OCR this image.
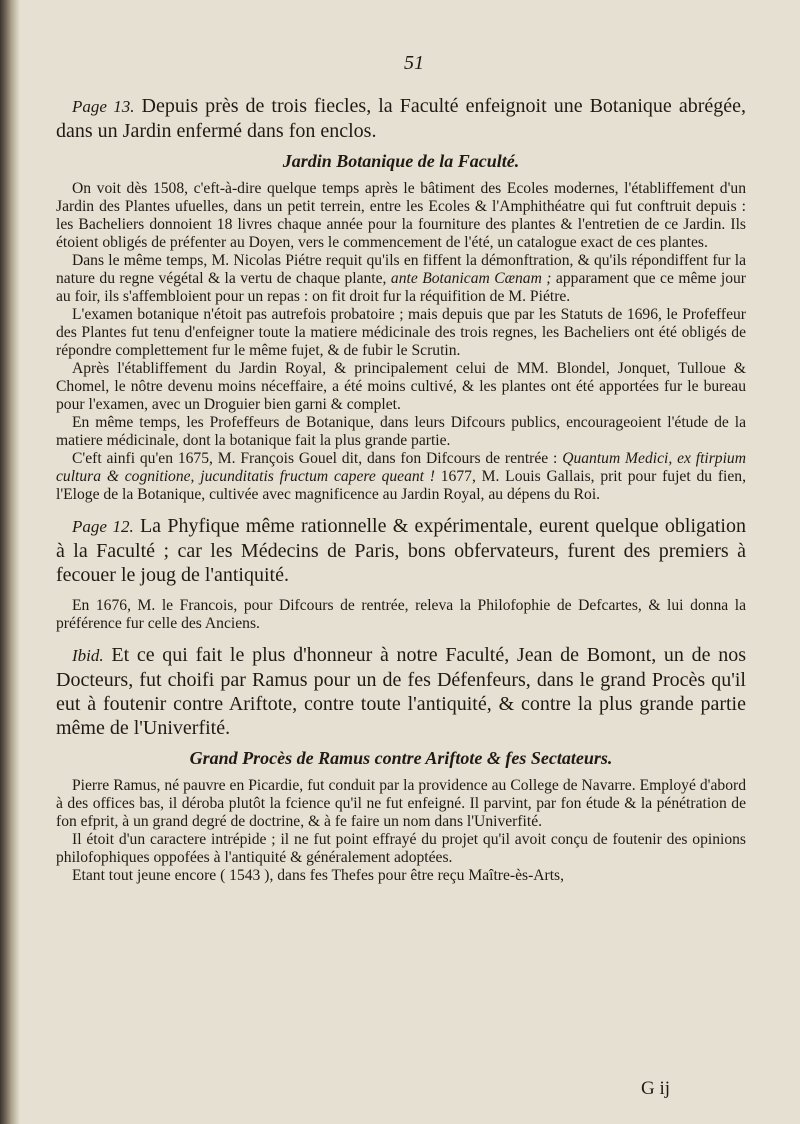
51

Page 13. Depuis près de trois fiecles, la Faculté enfeignoit une Botanique abrégée, dans un Jardin enfermé dans fon enclos.

Jardin Botanique de la Faculté.

On voit dès 1508, c'eft-à-dire quelque temps après le bâtiment des Ecoles modernes, l'établiffement d'un Jardin des Plantes ufuelles, dans un petit terrein, entre les Ecoles & l'Amphithéatre qui fut conftruit depuis : les Bacheliers donnoient 18 livres chaque année pour la fourniture des plantes & l'entretien de ce Jardin. Ils étoient obligés de préfenter au Doyen, vers le commencement de l'été, un catalogue exact de ces plantes.

Dans le même temps, M. Nicolas Piétre requit qu'ils en fiffent la démonftration, & qu'ils répondiffent fur la nature du regne végétal & la vertu de chaque plante, ante Botanicam Cænam ; apparament que ce même jour au foir, ils s'affembloient pour un repas : on fit droit fur la réquifition de M. Piétre.

L'examen botanique n'étoit pas autrefois probatoire ; mais depuis que par les Statuts de 1696, le Profeffeur des Plantes fut tenu d'enfeigner toute la matiere médicinale des trois regnes, les Bacheliers ont été obligés de répondre complettement fur le même fujet, & de fubir le Scrutin.

Après l'établiffement du Jardin Royal, & principalement celui de MM. Blondel, Jonquet, Tulloue & Chomel, le nôtre devenu moins néceffaire, a été moins cultivé, & les plantes ont été apportées fur le bureau pour l'examen, avec un Droguier bien garni & complet.

En même temps, les Profeffeurs de Botanique, dans leurs Difcours publics, encourageoient l'étude de la matiere médicinale, dont la botanique fait la plus grande partie.

C'eft ainfi qu'en 1675, M. François Gouel dit, dans fon Difcours de rentrée : Quantum Medici, ex ftirpium cultura & cognitione, jucunditatis fructum capere queant ! 1677, M. Louis Gallais, prit pour fujet du fien, l'Eloge de la Botanique, cultivée avec magnificence au Jardin Royal, au dépens du Roi.

Page 12. La Phyfique même rationnelle & expérimentale, eurent quelque obligation à la Faculté ; car les Médecins de Paris, bons obfervateurs, furent des premiers à fecouer le joug de l'antiquité.

En 1676, M. le Francois, pour Difcours de rentrée, releva la Philofophie de Defcartes, & lui donna la préférence fur celle des Anciens.

Ibid. Et ce qui fait le plus d'honneur à notre Faculté, Jean de Bomont, un de nos Docteurs, fut choifi par Ramus pour un de fes Défenfeurs, dans le grand Procès qu'il eut à foutenir contre Ariftote, contre toute l'antiquité, & contre la plus grande partie même de l'Univerfité.

Grand Procès de Ramus contre Ariftote & fes Sectateurs.

Pierre Ramus, né pauvre en Picardie, fut conduit par la providence au College de Navarre. Employé d'abord à des offices bas, il déroba plutôt la fcience qu'il ne fut enfeigné. Il parvint, par fon étude & la pénétration de fon efprit, à un grand degré de doctrine, & à fe faire un nom dans l'Univerfité.

Il étoit d'un caractere intrépide ; il ne fut point effrayé du projet qu'il avoit conçu de foutenir des opinions philofophiques oppofées à l'antiquité & généralement adoptées.

Etant tout jeune encore ( 1543 ), dans fes Thefes pour être reçu Maître-ès-Arts,

G ij
